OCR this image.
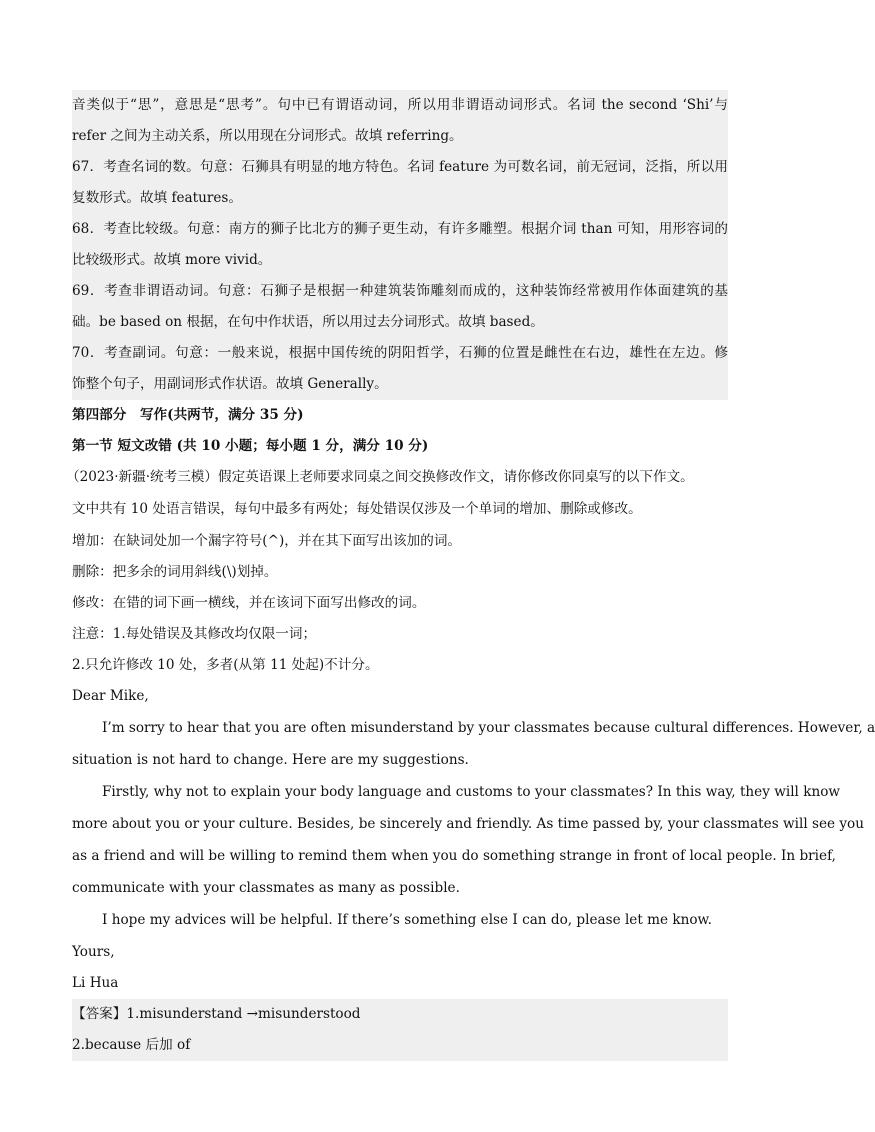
音类似于“思”，意思是“思考”。句中已有谓语动词，所以用非谓语动词形式。名词 the second ‘Shi’与
refer 之间为主动关系，所以用现在分词形式。故填 referring。
67．考查名词的数。句意：石狮具有明显的地方特色。名词 feature 为可数名词，前无冠词，泛指，所以用
复数形式。故填 features。
68．考查比较级。句意：南方的狮子比北方的狮子更生动，有许多雕塑。根据介词 than 可知，用形容词的
比较级形式。故填 more vivid。
69．考查非谓语动词。句意：石狮子是根据一种建筑装饰雕刻而成的，这种装饰经常被用作体面建筑的基
础。be based on 根据，在句中作状语，所以用过去分词形式。故填 based。
70．考查副词。句意：一般来说，根据中国传统的阴阳哲学，石狮的位置是雌性在右边，雄性在左边。修
饰整个句子，用副词形式作状语。故填 Generally。
第四部分　写作(共两节，满分 35 分)
第一节 短文改错 (共 10 小题；每小题 1 分，满分 10 分)
（2023·新疆·统考三模）假定英语课上老师要求同桌之间交换修改作文，请你修改你同桌写的以下作文。
文中共有 10 处语言错误，每句中最多有两处；每处错误仅涉及一个单词的增加、删除或修改。
增加：在缺词处加一个漏字符号(^)，并在其下面写出该加的词。
删除：把多余的词用斜线(\)划掉。
修改：在错的词下画一横线，并在该词下面写出修改的词。
注意：1.每处错误及其修改均仅限一词；
2.只允许修改 10 处，多者(从第 11 处起)不计分。
Dear Mike,
I’m sorry to hear that you are often misunderstand by your classmates because cultural differences. However, a
situation is not hard to change. Here are my suggestions.
Firstly, why not to explain your body language and customs to your classmates? In this way, they will know
more about you or your culture. Besides, be sincerely and friendly. As time passed by, your classmates will see you
as a friend and will be willing to remind them when you do something strange in front of local people. In brief,
communicate with your classmates as many as possible.
I hope my advices will be helpful. If there’s something else I can do, please let me know.
Yours,
Li Hua
【答案】1.misunderstand →misunderstood
2.because 后加 of
